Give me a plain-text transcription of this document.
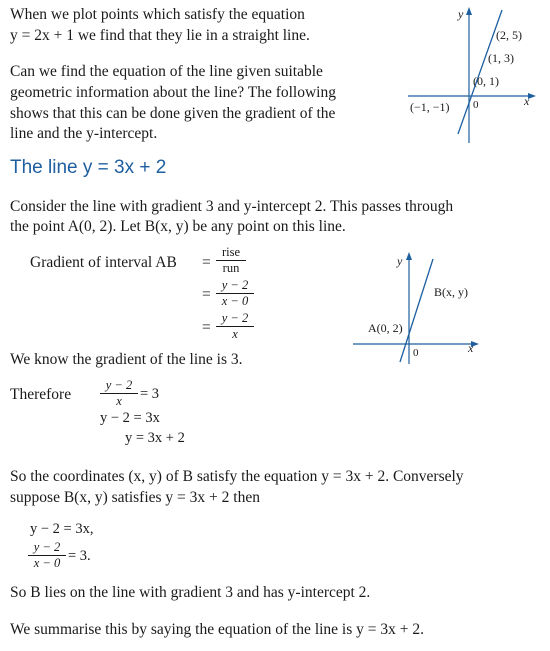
When we plot points which satisfy the equation
y = 2x + 1 we find that they lie in a straight line.
Can we find the equation of the line given suitable
geometric information about the line? The following
shows that this can be done given the gradient of the
line and the y-intercept.
y
x
0
(2, 5)
(1, 3)
(0, 1)
(−1, −1)
The line y = 3x + 2
Consider the line with gradient 3 and y-intercept 2. This passes through
the point A(0, 2). Let B(x, y) be any point on this line.
Gradient of interval AB =
rise
run
= $\frac{y - 2}{x - 0}$
= $\frac{y - 2}{x}$
y
x
0
A(0, 2)
B(x, y)
We know the gradient of the line is 3.
Therefore $\frac{y - 2}{x} = 3$
y − 2 = 3x
y = 3x + 2
So the coordinates (x, y) of B satisfy the equation y = 3x + 2. Conversely
suppose B(x, y) satisfies y = 3x + 2 then
y − 2 = 3x,
$\frac{y - 2}{x - 0} = 3$.
So B lies on the line with gradient 3 and has y-intercept 2.
We summarise this by saying the equation of the line is y = 3x + 2.
